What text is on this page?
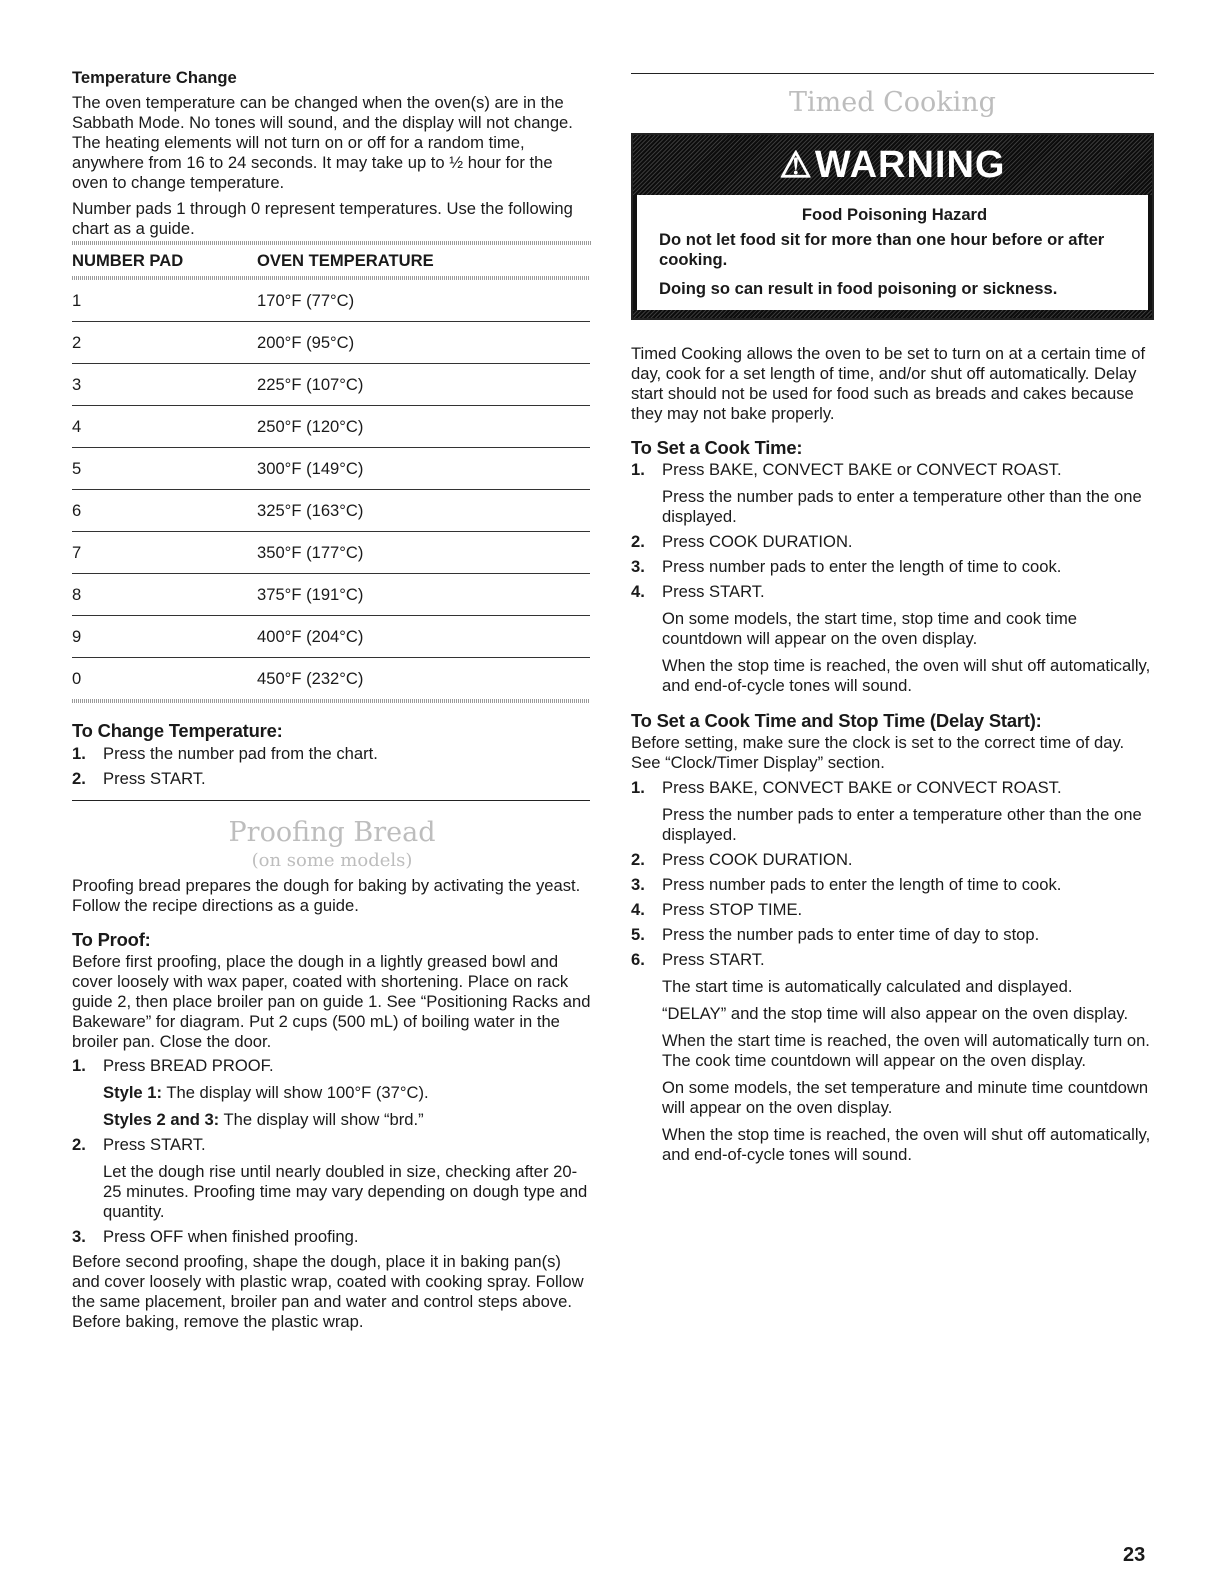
Temperature Change

The oven temperature can be changed when the oven(s) are in the Sabbath Mode. No tones will sound, and the display will not change. The heating elements will not turn on or off for a random time, anywhere from 16 to 24 seconds. It may take up to ½ hour for the oven to change temperature.

Number pads 1 through 0 represent temperatures. Use the following chart as a guide.

NUMBER PAD	OVEN TEMPERATURE
1	170°F (77°C)
2	200°F (95°C)
3	225°F (107°C)
4	250°F (120°C)
5	300°F (149°C)
6	325°F (163°C)
7	350°F (177°C)
8	375°F (191°C)
9	400°F (204°C)
0	450°F (232°C)

To Change Temperature:

1.	Press the number pad from the chart.
2.	Press START.

Proofing Bread

(on some models)

Proofing bread prepares the dough for baking by activating the yeast. Follow the recipe directions as a guide.

To Proof:

Before first proofing, place the dough in a lightly greased bowl and cover loosely with wax paper, coated with shortening. Place on rack guide 2, then place broiler pan on guide 1. See “Positioning Racks and Bakeware” for diagram. Put 2 cups (500 mL) of boiling water in the broiler pan. Close the door.

1.	Press BREAD PROOF.

Style 1: The display will show 100°F (37°C).

Styles 2 and 3: The display will show “brd.”

2.	Press START.

Let the dough rise until nearly doubled in size, checking after 20-25 minutes. Proofing time may vary depending on dough type and quantity.

3.	Press OFF when finished proofing.

Before second proofing, shape the dough, place it in baking pan(s) and cover loosely with plastic wrap, coated with cooking spray. Follow the same placement, broiler pan and water and control steps above. Before baking, remove the plastic wrap.

Timed Cooking

⚠ WARNING

Food Poisoning Hazard

Do not let food sit for more than one hour before or after cooking.

Doing so can result in food poisoning or sickness.

Timed Cooking allows the oven to be set to turn on at a certain time of day, cook for a set length of time, and/or shut off automatically. Delay start should not be used for food such as breads and cakes because they may not bake properly.

To Set a Cook Time:

1.	Press BAKE, CONVECT BAKE or CONVECT ROAST.

Press the number pads to enter a temperature other than the one displayed.

2.	Press COOK DURATION.
3.	Press number pads to enter the length of time to cook.
4.	Press START.

On some models, the start time, stop time and cook time countdown will appear on the oven display.

When the stop time is reached, the oven will shut off automatically, and end-of-cycle tones will sound.

To Set a Cook Time and Stop Time (Delay Start):

Before setting, make sure the clock is set to the correct time of day. See “Clock/Timer Display” section.

1.	Press BAKE, CONVECT BAKE or CONVECT ROAST.

Press the number pads to enter a temperature other than the one displayed.

2.	Press COOK DURATION.
3.	Press number pads to enter the length of time to cook.
4.	Press STOP TIME.
5.	Press the number pads to enter time of day to stop.
6.	Press START.

The start time is automatically calculated and displayed.

“DELAY” and the stop time will also appear on the oven display.

When the start time is reached, the oven will automatically turn on. The cook time countdown will appear on the oven display.

On some models, the set temperature and minute time countdown will appear on the oven display.

When the stop time is reached, the oven will shut off automatically, and end-of-cycle tones will sound.

23
